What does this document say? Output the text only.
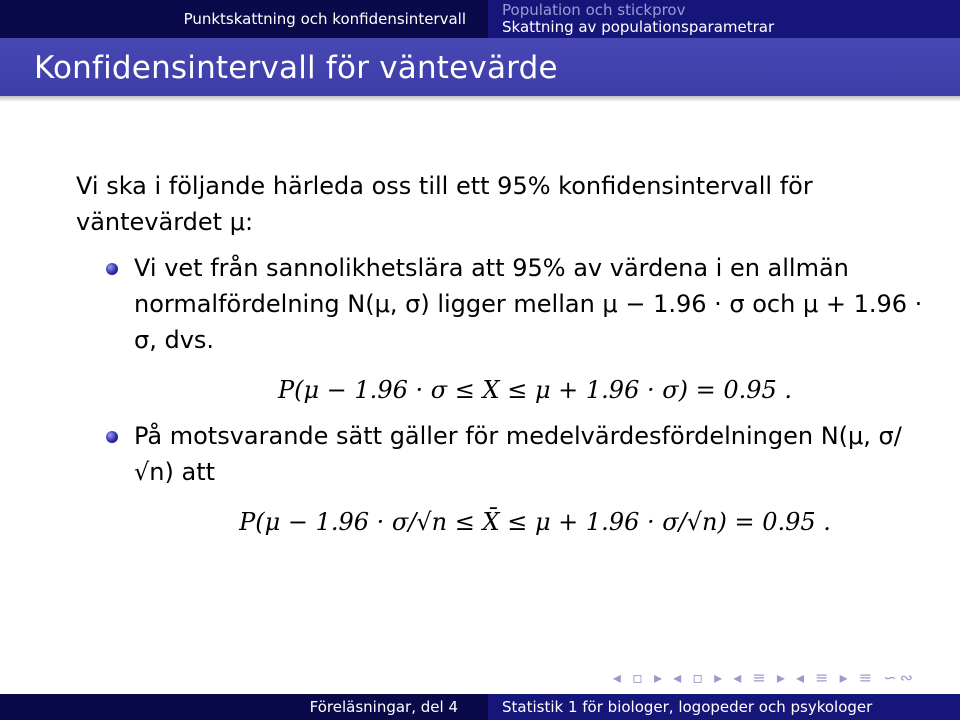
Punktskattning och konfidensintervall	Population och stickprov
Skattning av populationsparametrar
Konfidensintervall för väntevärde

Vi ska i följande härleda oss till ett 95% konfidensintervall för väntevärdet μ:

Vi vet från sannolikhetslära att 95% av värdena i en allmän normalfördelning N(μ, σ) ligger mellan μ − 1.96 · σ och μ + 1.96 · σ, dvs.
P(μ − 1.96 · σ ≤ X ≤ μ + 1.96 · σ) = 0.95 .
På motsvarande sätt gäller för medelvärdesfördelningen N(μ, σ/√n) att
P(μ − 1.96 · σ/√n ≤ X̄ ≤ μ + 1.96 · σ/√n) = 0.95 .
◂ ▫ ▸ ◂ ▫ ▸ ◂ ≡ ▸ ◂ ≡ ▸ ≡ ∽∾
Föreläsningar, del 4	Statistik 1 för biologer, logopeder och psykologer
